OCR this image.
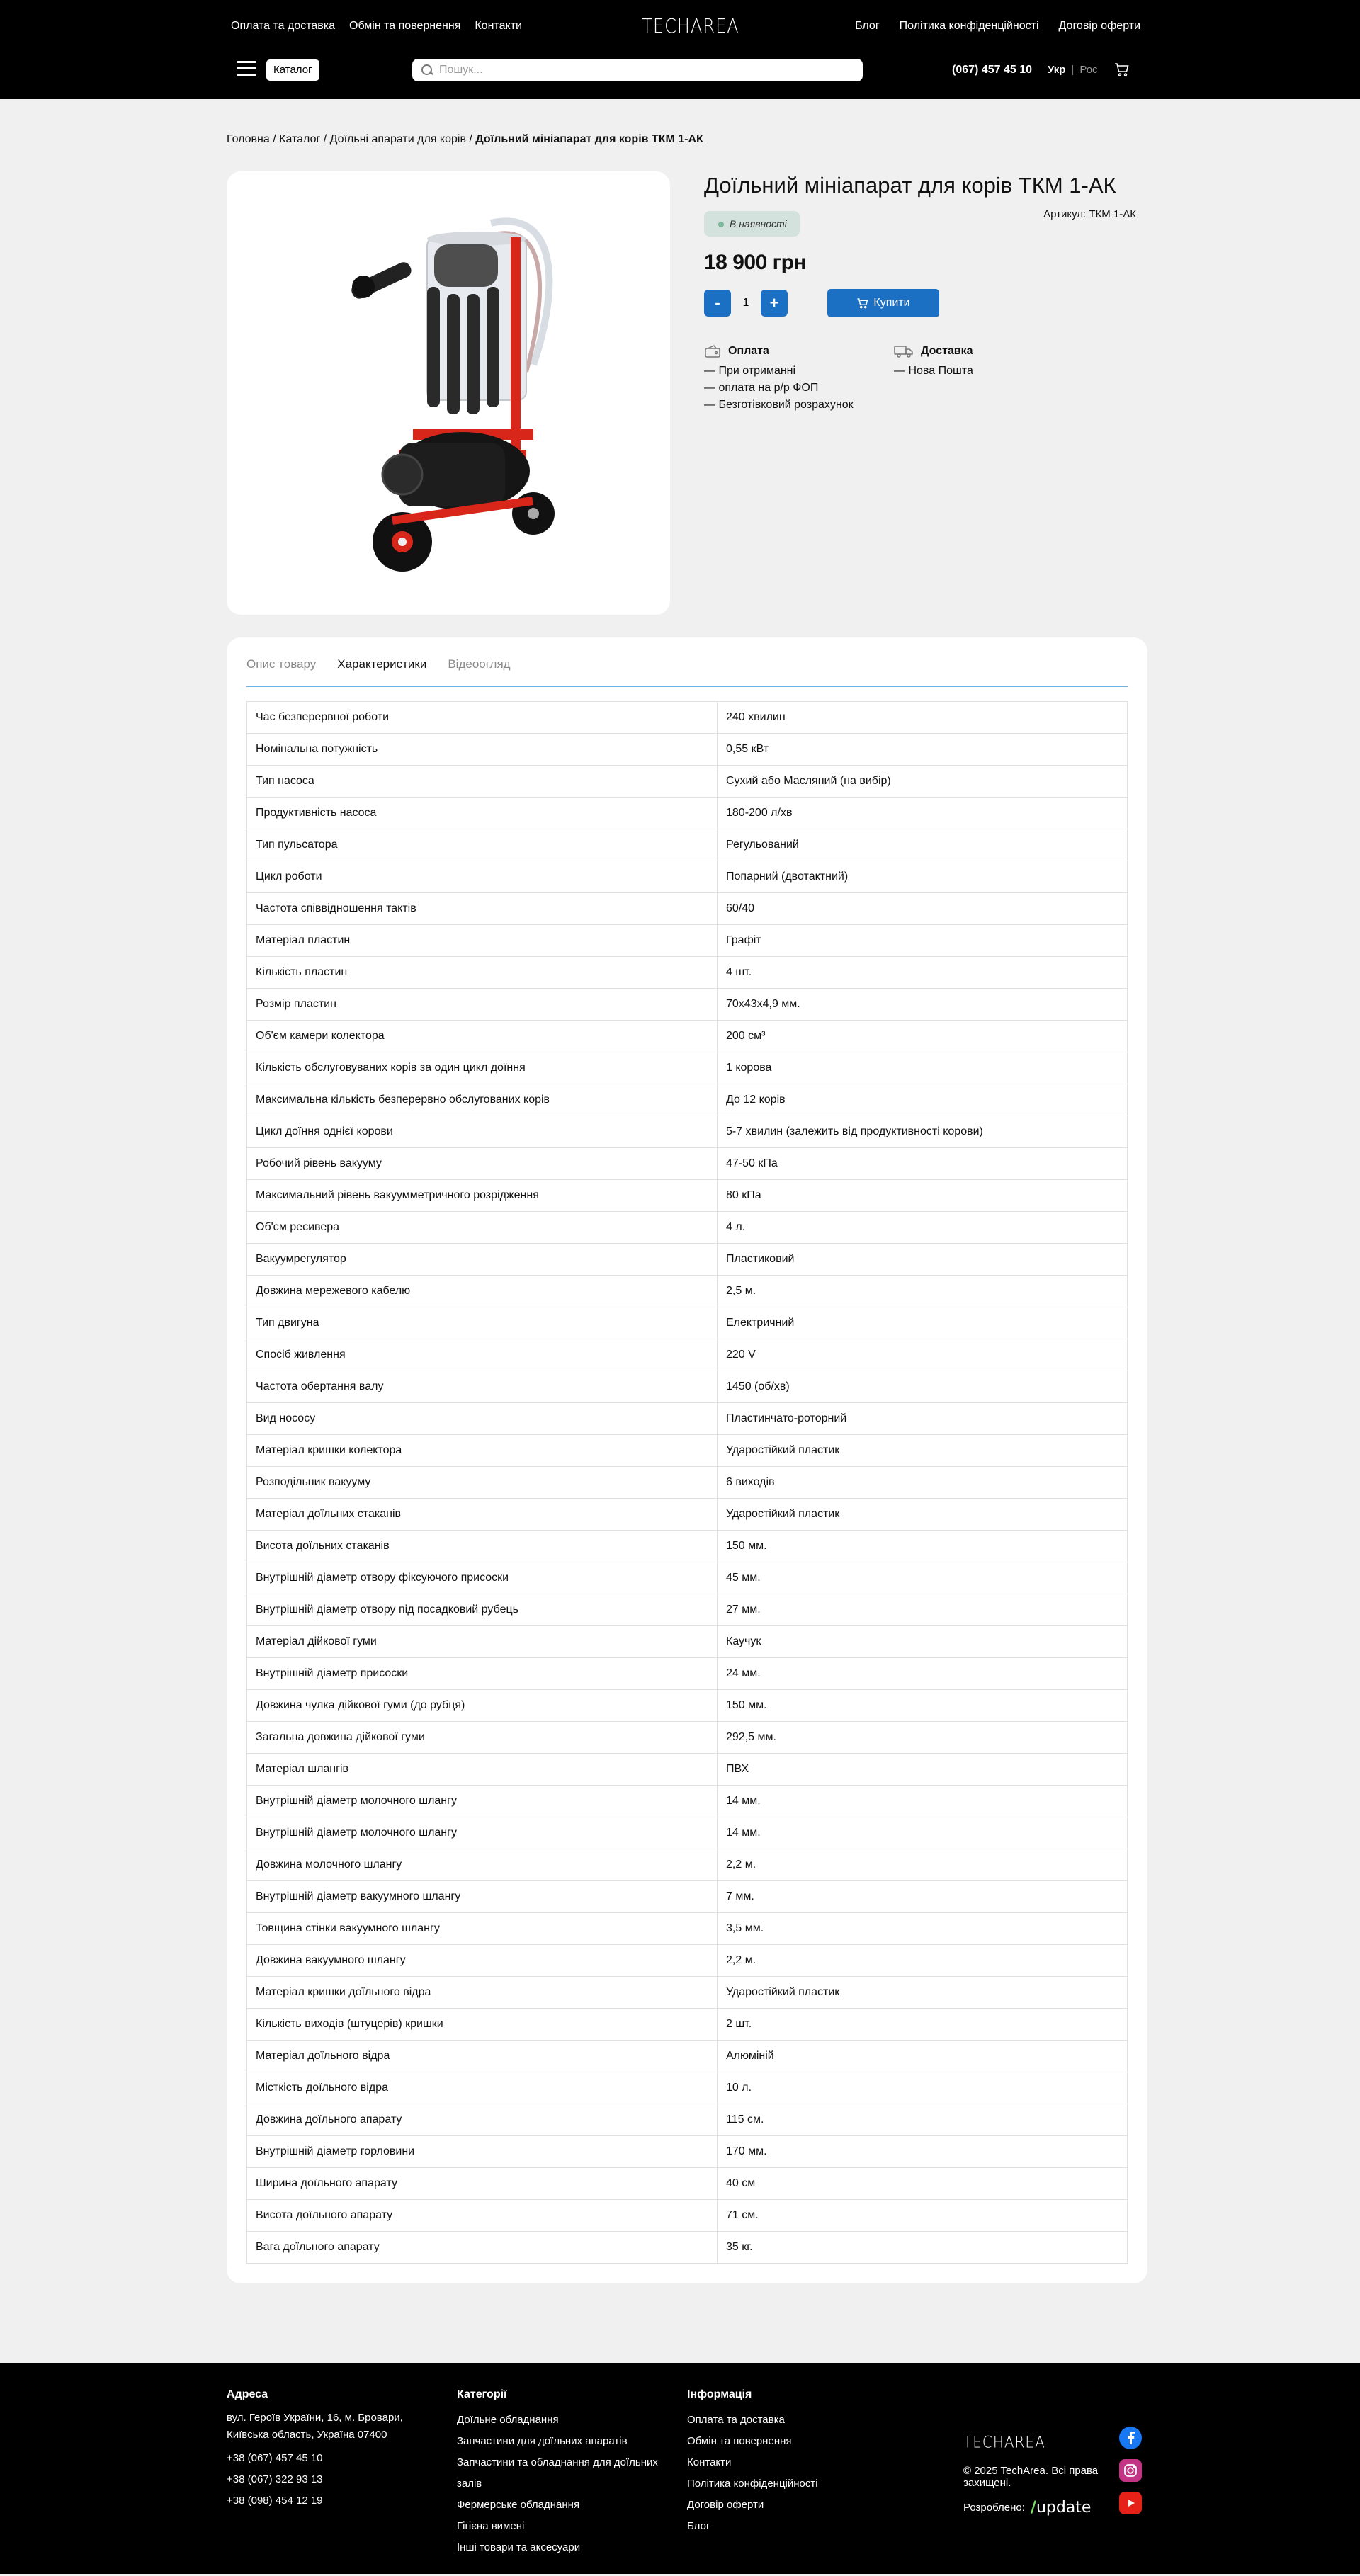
Оплата та доставка Обмін та повернення Контакти	TECHAREA	Блог Політика конфіденційності Договір оферти
Каталог
Пошук...	(067) 457 45 10 Укр | Рос
Головна / Каталог / Доїльні апарати для корів / Доїльний мініапарат для корів ТКМ 1-АК
Доїльний мініапарат для корів ТКМ 1-АК
Артикул: ТКМ 1-АК
В наявності
18 900 грн
-
1	+	Купити
Оплата
— При отриманні
— оплата на р/р ФОП
— Безготівковий розрахунок
Доставка
— Нова Пошта
Опис товару Характеристики Відеоогляд
Час безперервної роботи	240 хвилин
Номінальна потужність	0,55 кВт
Тип насоса	Сухий або Масляний (на вибір)
Продуктивність насоса	180-200 л/хв
Тип пульсатора	Регульований
Цикл роботи	Попарний (двотактний)
Частота співвідношення тактів	60/40
Матеріал пластин	Графіт
Кількість пластин	4 шт.
Розмір пластин	70х43х4,9 мм.
Об'єм камери колектора	200 см³
Кількість обслуговуваних корів за один цикл доїння	1 корова
Максимальна кількість безперервно обслугованих корів	До 12 корів
Цикл доїння однієї корови	5-7 хвилин (залежить від продуктивності корови)
Робочий рівень вакууму	47-50 кПа
Максимальний рівень вакуумметричного розрідження	80 кПа
Об'єм ресивера	4 л.
Вакуумрегулятор	Пластиковий
Довжина мережевого кабелю	2,5 м.
Тип двигуна	Електричний
Спосіб живлення	220 V
Частота обертання валу	1450 (об/хв)
Вид нососу	Пластинчато-роторний
Матеріал кришки колектора	Ударостійкий пластик
Розподільник вакууму	6 виходів
Матеріал доїльних стаканів	Ударостійкий пластик
Висота доїльних стаканів	150 мм.
Внутрішній діаметр отвору фіксуючого присоски	45 мм.
Внутрішній діаметр отвору під посадковий рубець	27 мм.
Матеріал дійкової гуми	Каучук
Внутрішній діаметр присоски	24 мм.
Довжина чулка дійкової гуми (до рубця)	150 мм.
Загальна довжина дійкової гуми	292,5 мм.
Матеріал шлангів	ПВХ
Внутрішній діаметр молочного шлангу	14 мм.
Внутрішній діаметр молочного шлангу	14 мм.
Довжина молочного шлангу	2,2 м.
Внутрішній діаметр вакуумного шлангу	7 мм.
Товщина стінки вакуумного шлангу	3,5 мм.
Довжина вакуумного шлангу	2,2 м.
Матеріал кришки доїльного відра	Ударостійкий пластик
Кількість виходів (штуцерів) кришки	2 шт.
Матеріал доїльного відра	Алюміній
Місткість доїльного відра	10 л.
Довжина доїльного апарату	115 см.
Внутрішній діаметр горловини	170 мм.
Ширина доїльного апарату	40 см
Висота доїльного апарату	71 см.
Вага доїльного апарату	35 кг.
Адреса
вул. Героїв України, 16, м. Бровари, Київська область, Україна 07400
+38 (067) 457 45 10
+38 (067) 322 93 13
+38 (098) 454 12 19
Категорії
Доїльне обладнання
Запчастини для доїльних апаратів
Запчастини та обладнання для доїльних залів
Фермерське обладнання
Гігієна вимені
Інші товари та аксесуари
Інформація
Оплата та доставка
Обмін та повернення
Контакти
Політика конфіденційності
Договір оферти
Блог
TECHAREA
© 2025 TechArea. Всі права захищені.
Розроблено: /update
